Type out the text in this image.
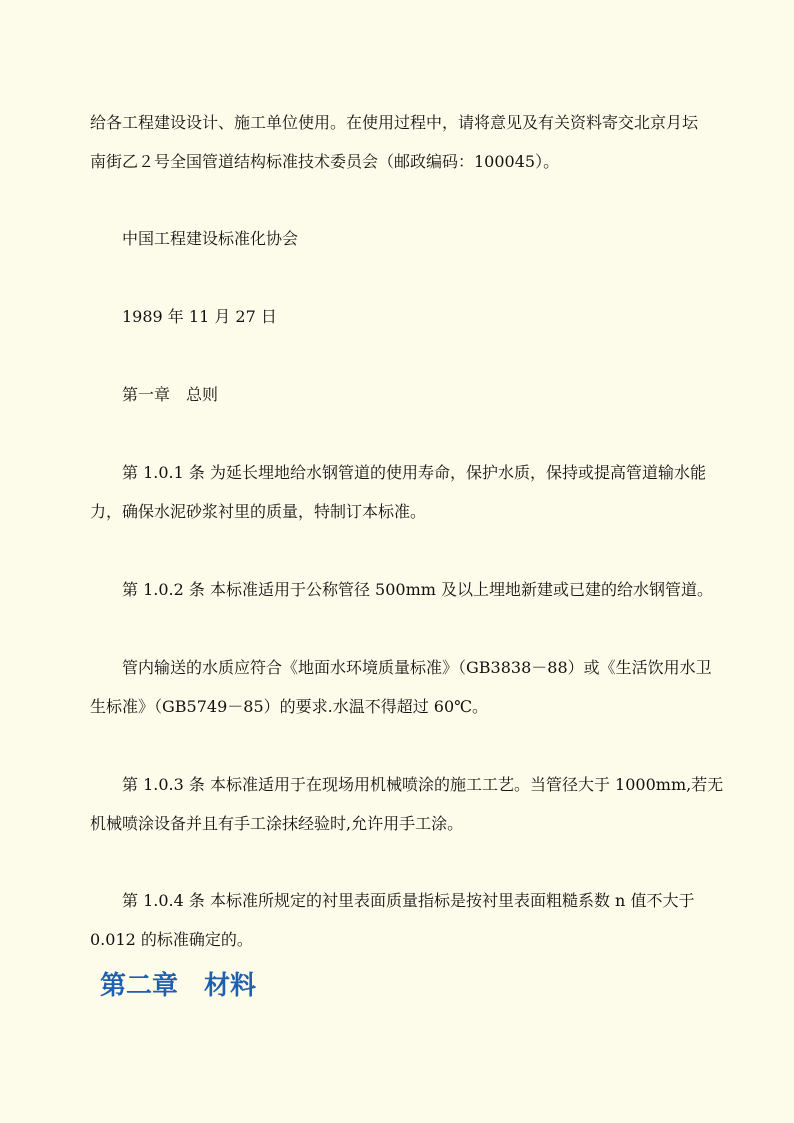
给各工程建设设计、施工单位使用。在使用过程中，请将意见及有关资料寄交北京月坛
南街乙２号全国管道结构标准技术委员会（邮政编码：100045）。

中国工程建设标准化协会

1989 年 11 月 27 日

第一章　总则

第 1.0.1 条 为延长埋地给水钢管道的使用寿命，保护水质，保持或提高管道输水能
力，确保水泥砂浆衬里的质量，特制订本标准。

第 1.0.2 条 本标准适用于公称管径 500mm 及以上埋地新建或已建的给水钢管道。

管内输送的水质应符合《地面水环境质量标准》（GB3838－88）或《生活饮用水卫
生标准》（GB5749－85）的要求.水温不得超过 60℃。

第 1.0.3 条 本标准适用于在现场用机械喷涂的施工工艺。当管径大于 1000mm,若无
机械喷涂设备并且有手工涂抹经验时,允许用手工涂。

第 1.0.4 条 本标准所规定的衬里表面质量指标是按衬里表面粗糙系数 n 值不大于
0.012 的标准确定的。

第二章　材料
